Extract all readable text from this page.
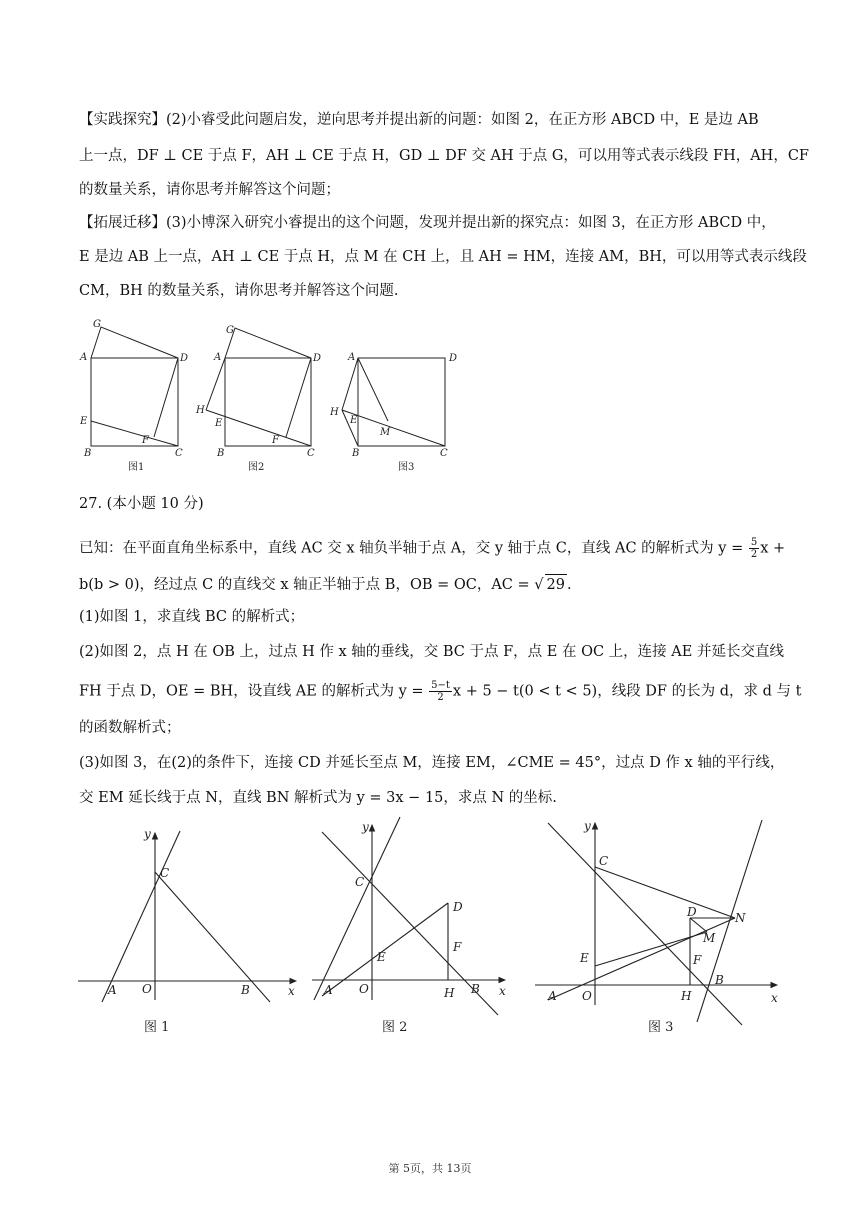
【实践探究】(2)小睿受此问题启发，逆向思考并提出新的问题：如图 2，在正方形 ABCD 中，E 是边 AB
上一点，DF ⊥ CE 于点 F，AH ⊥ CE 于点 H，GD ⊥ DF 交 AH 于点 G，可以用等式表示线段 FH，AH，CF
的数量关系，请你思考并解答这个问题；
【拓展迁移】(3)小博深入研究小睿提出的这个问题，发现并提出新的探究点：如图 3，在正方形 ABCD 中，
E 是边 AB 上一点，AH ⊥ CE 于点 H，点 M 在 CH 上，且 AH = HM，连接 AM，BH，可以用等式表示线段
CM，BH 的数量关系，请你思考并解答这个问题.
G
A	D
E
F
B	C
图1
G
A	D
H
E
F
B	C
图2
A	D
H
E
M
B	C
图3
27. (本小题 10 分)
已知：在平面直角坐标系中，直线 AC 交 x 轴负半轴于点 A，交 y 轴于点 C，直线 AC 的解析式为 $y = \frac{5}{2}$ x +
b(b > 0)，经过点 C 的直线交 x 轴正半轴于点 B，OB = OC，AC = √ 29 .
(1)如图 1，求直线 BC 的解析式；
(2)如图 2，点 H 在 OB 上，过点 H 作 x 轴的垂线，交 BC 于点 F，点 E 在 OC 上，连接 AE 并延长交直线
FH 于点 D，OE = BH，设直线 AE 的解析式为 $y = \frac{5-t}{2}$ x + 5 − t(0 < t < 5)，线段 DF 的长为 d，求 d 与 t
的函数解析式；
(3)如图 3，在(2)的条件下，连接 CD 并延长至点 M，连接 EM，∠CME = 45°，过点 D 作 x 轴的平行线，
交 EM 延长线于点 N，直线 BN 解析式为 y = 3x − 15，求点 N 的坐标.
y
C
A O	B	x
图 1
y
C
D
F
E
A O	H B x
图 2
y
C
D	N
M
F
E
A O	H
B
x
图 3
第 5页，共 13页
